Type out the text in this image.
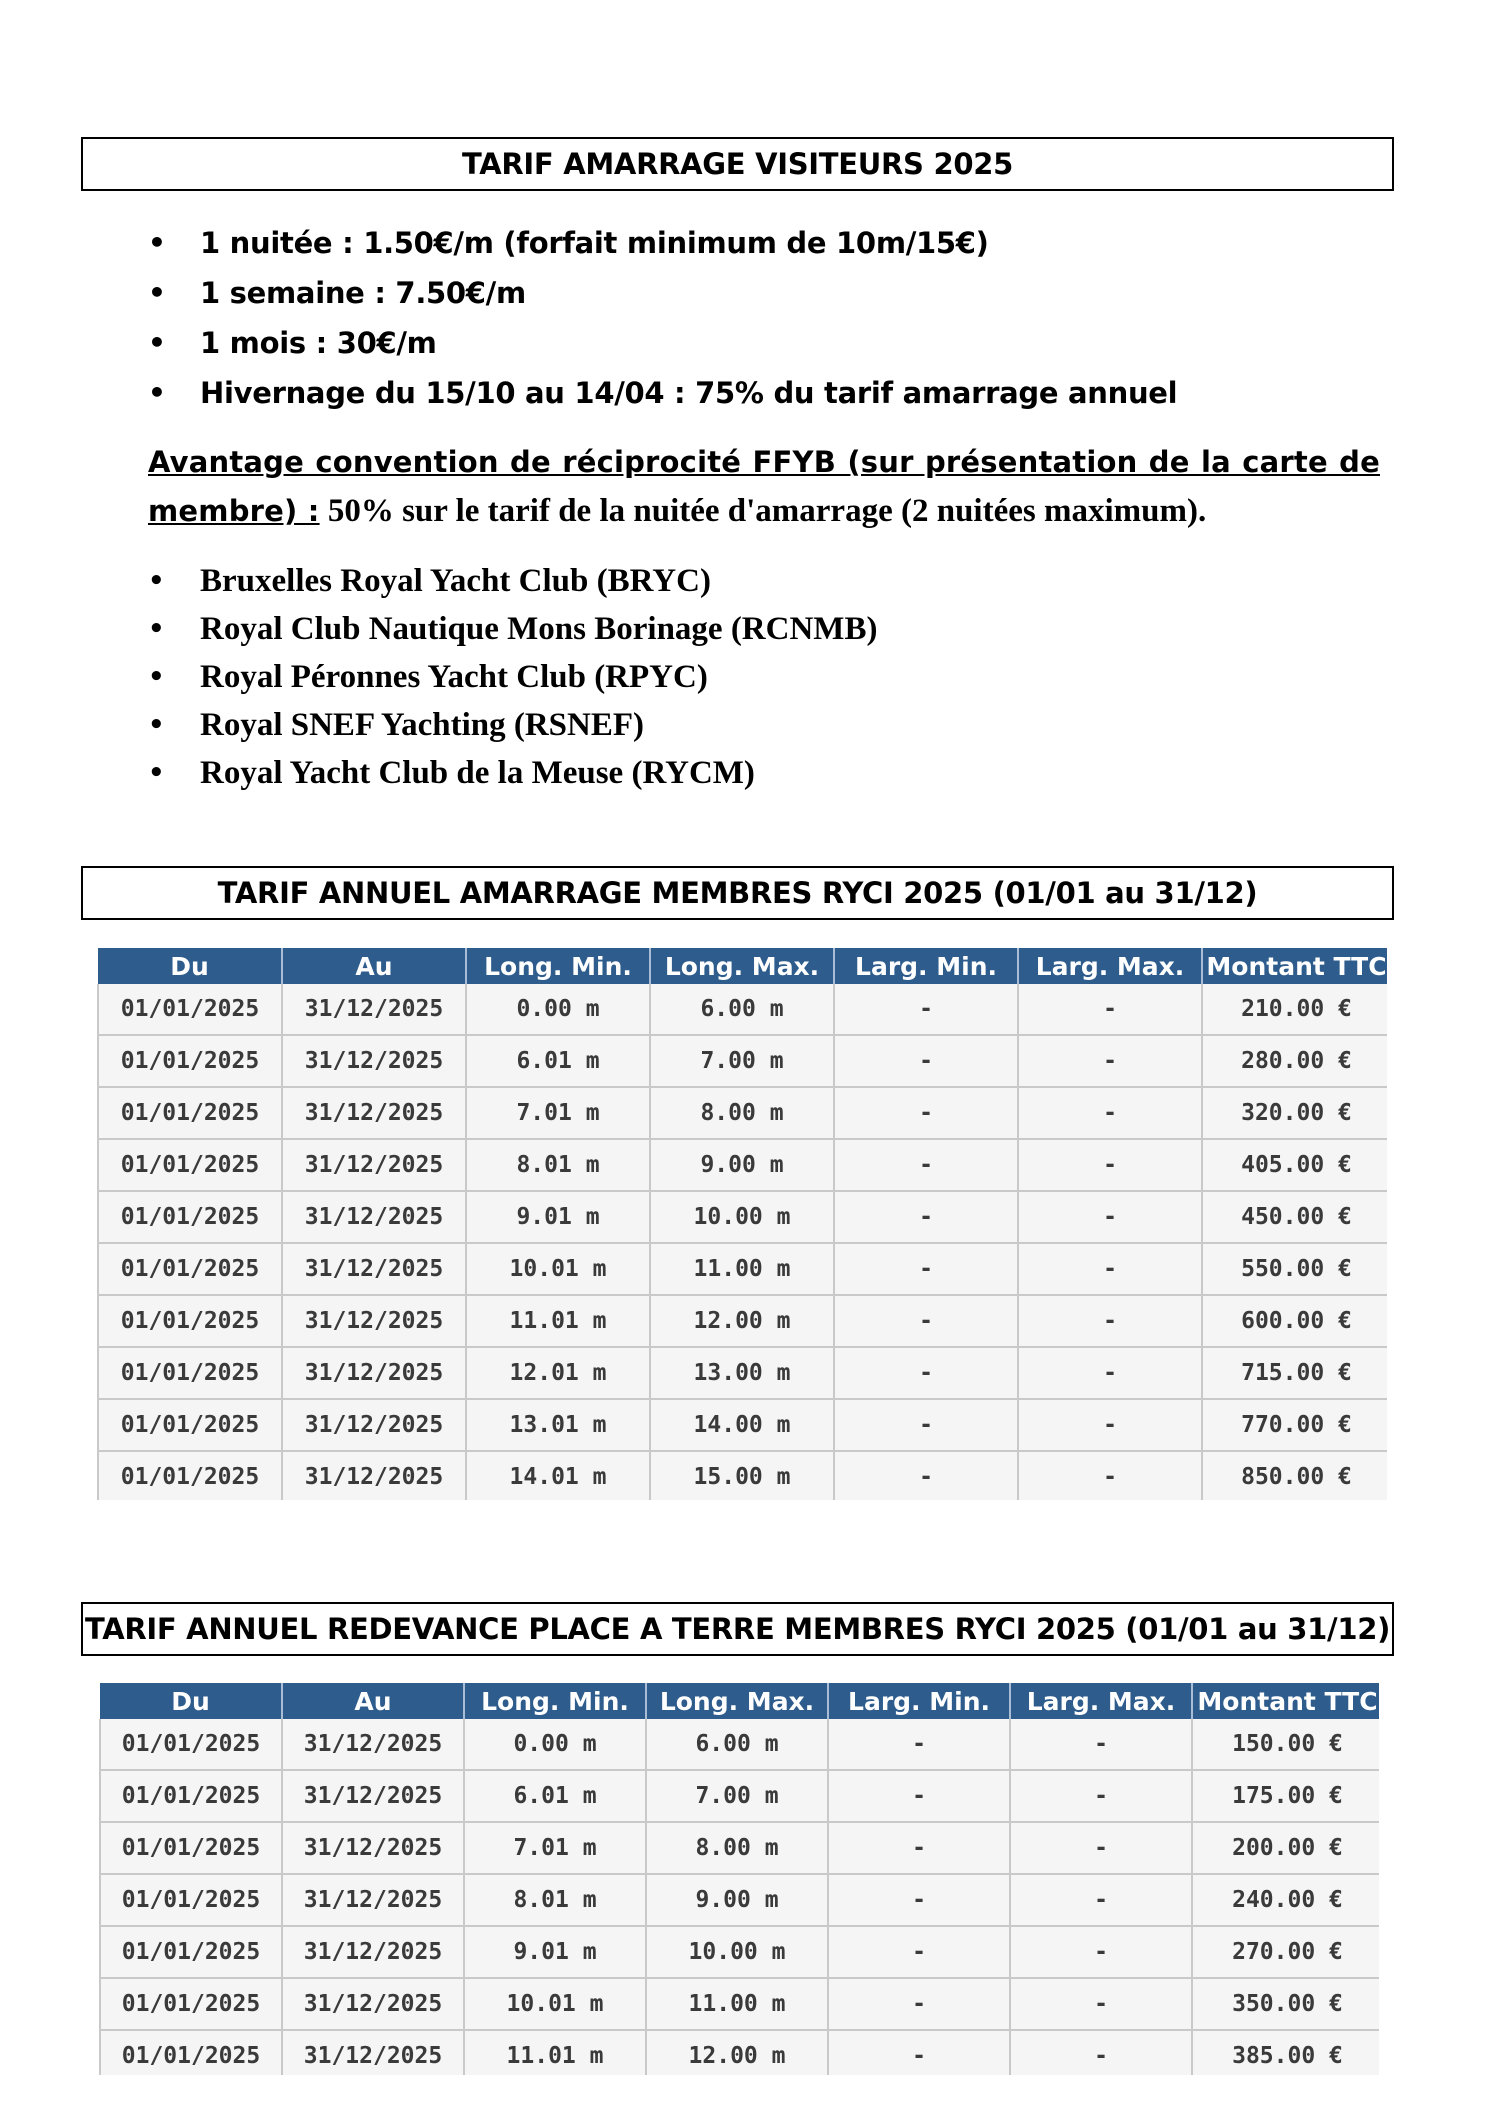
TARIF AMARRAGE VISITEURS 2025
• 1 nuitée : 1.50€/m (forfait minimum de 10m/15€)
• 1 semaine : 7.50€/m
• 1 mois : 30€/m
• Hivernage du 15/10 au 14/04 : 75% du tarif amarrage annuel
Avantage convention de réciprocité FFYB (sur présentation de la carte de
membre) : 50% sur le tarif de la nuitée d'amarrage (2 nuitées maximum).
• Bruxelles Royal Yacht Club (BRYC)
• Royal Club Nautique Mons Borinage (RCNMB)
• Royal Péronnes Yacht Club (RPYC)
• Royal SNEF Yachting (RSNEF)
• Royal Yacht Club de la Meuse (RYCM)
TARIF ANNUEL AMARRAGE MEMBRES RYCI 2025 (01/01 au 31/12)
Du	Au	Long. Min.	Long. Max.	Larg. Min.	Larg. Max.	Montant TTC
01/01/2025	31/12/2025	0.00 m	6.00 m	-	-	210.00 €
01/01/2025	31/12/2025	6.01 m	7.00 m	-	-	280.00 €
01/01/2025	31/12/2025	7.01 m	8.00 m	-	-	320.00 €
01/01/2025	31/12/2025	8.01 m	9.00 m	-	-	405.00 €
01/01/2025	31/12/2025	9.01 m	10.00 m	-	-	450.00 €
01/01/2025	31/12/2025	10.01 m	11.00 m	-	-	550.00 €
01/01/2025	31/12/2025	11.01 m	12.00 m	-	-	600.00 €
01/01/2025	31/12/2025	12.01 m	13.00 m	-	-	715.00 €
01/01/2025	31/12/2025	13.01 m	14.00 m	-	-	770.00 €
01/01/2025	31/12/2025	14.01 m	15.00 m	-	-	850.00 €
TARIF ANNUEL REDEVANCE PLACE A TERRE MEMBRES RYCI 2025 (01/01 au 31/12)
Du	Au	Long. Min.	Long. Max.	Larg. Min.	Larg. Max.	Montant TTC
01/01/2025	31/12/2025	0.00 m	6.00 m	-	-	150.00 €
01/01/2025	31/12/2025	6.01 m	7.00 m	-	-	175.00 €
01/01/2025	31/12/2025	7.01 m	8.00 m	-	-	200.00 €
01/01/2025	31/12/2025	8.01 m	9.00 m	-	-	240.00 €
01/01/2025	31/12/2025	9.01 m	10.00 m	-	-	270.00 €
01/01/2025	31/12/2025	10.01 m	11.00 m	-	-	350.00 €
01/01/2025	31/12/2025	11.01 m	12.00 m	-	-	385.00 €
